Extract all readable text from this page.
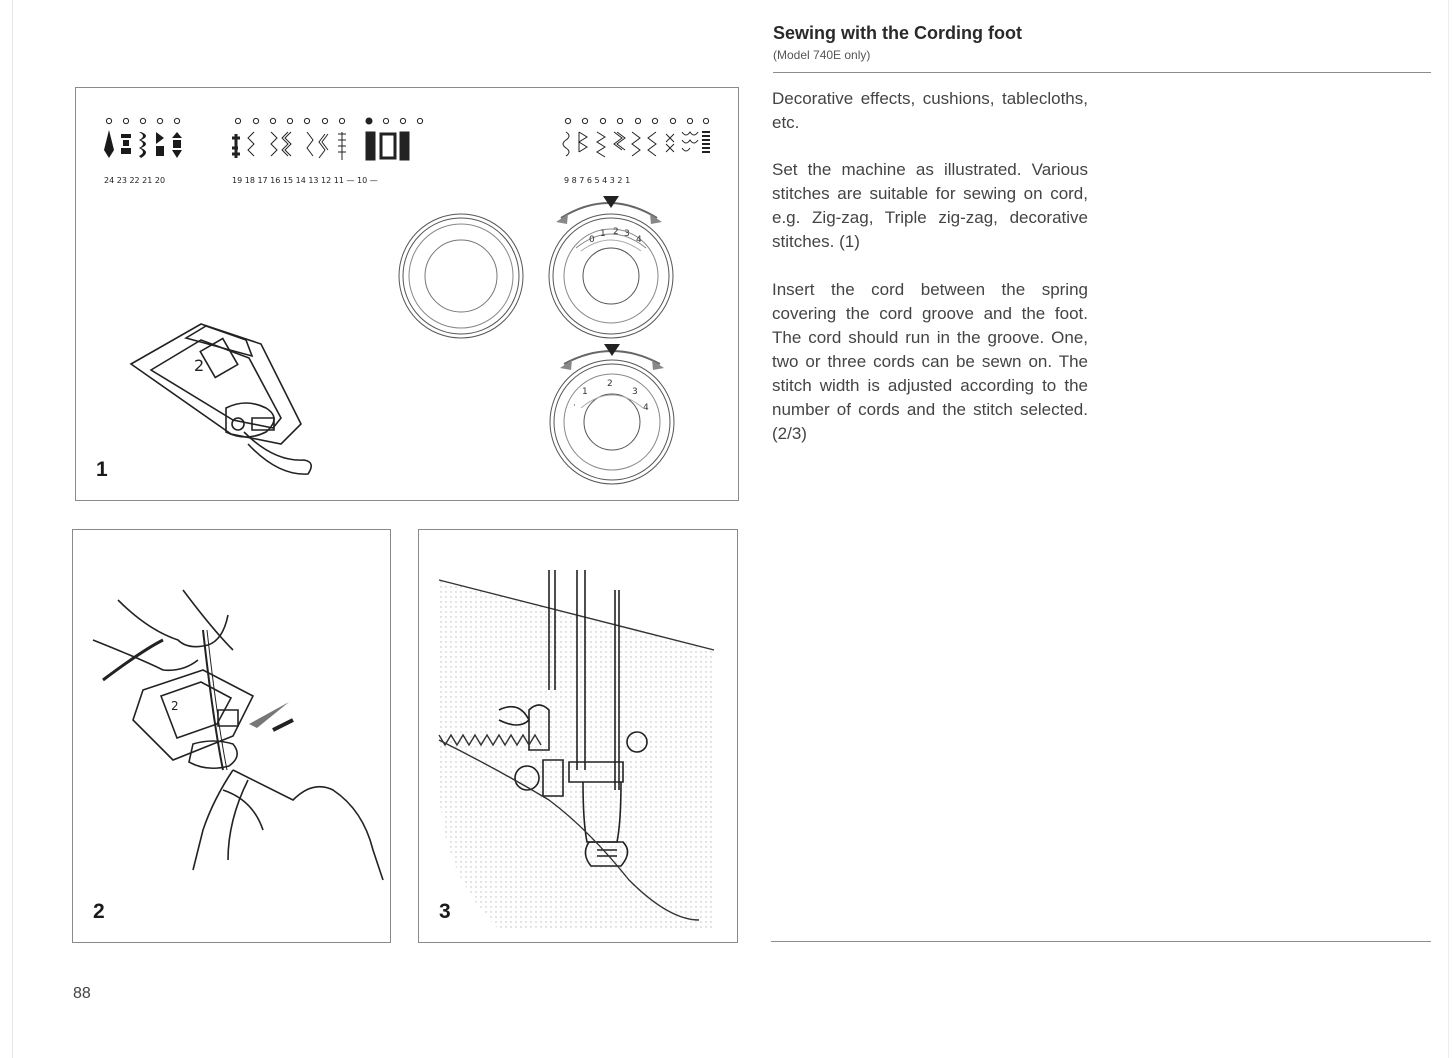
24 23 22 21 20	19 18 17 16 15 14 13 12 11 — 10 —	9 8 7 6 5 4 3 2 1
0
1 2 3
4
·
1
2
3
4
2
1
2
2	3
Sewing with the Cording foot
(Model 740E only)

Decorative effects, cushions, tablecloths, etc.

Set the machine as illustrated. Various stitches are suitable for sewing on cord, e.g. Zig-zag, Triple zig-zag, decorative stitches. (1)

Insert the cord between the spring covering the cord groove and the foot. The cord should run in the groove. One, two or three cords can be sewn on. The stitch width is adjusted according to the number of cords and the stitch selected. (2/3)

88
